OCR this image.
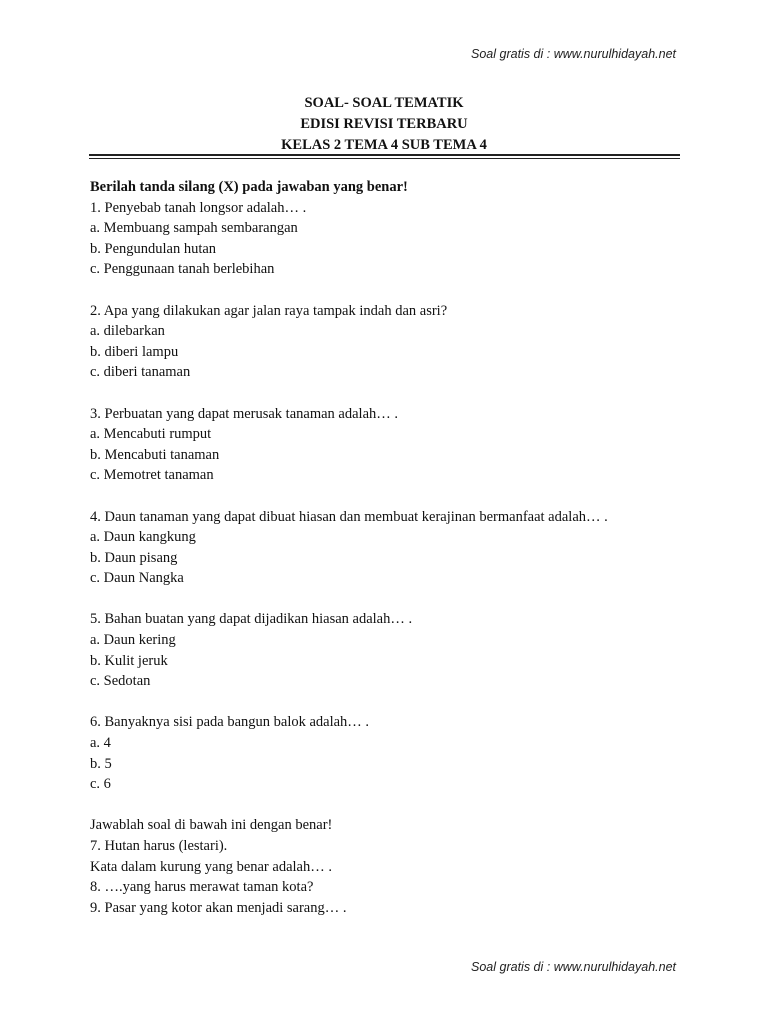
Soal gratis di : www.nurulhidayah.net
SOAL- SOAL TEMATIK
EDISI REVISI TERBARU
KELAS 2 TEMA 4 SUB TEMA 4
Berilah tanda silang (X) pada jawaban yang benar!
1. Penyebab tanah longsor adalah… .
a. Membuang sampah sembarangan
b. Pengundulan hutan
c. Penggunaan tanah berlebihan
2. Apa yang dilakukan agar jalan raya tampak indah dan asri?
a. dilebarkan
b. diberi lampu
c. diberi tanaman
3. Perbuatan yang dapat merusak tanaman adalah… .
a. Mencabuti rumput
b. Mencabuti tanaman
c. Memotret tanaman
4. Daun tanaman yang dapat dibuat hiasan dan membuat kerajinan bermanfaat adalah… .
a. Daun kangkung
b. Daun pisang
c. Daun Nangka
5. Bahan buatan yang dapat dijadikan hiasan adalah… .
a. Daun kering
b. Kulit jeruk
c. Sedotan
6. Banyaknya sisi pada bangun balok adalah… .
a. 4
b. 5
c. 6
Jawablah soal di bawah ini dengan benar!
7. Hutan harus (lestari).
Kata dalam kurung yang benar adalah… .
8. ….yang harus merawat taman kota?
9. Pasar yang kotor akan menjadi sarang… .
Soal gratis di : www.nurulhidayah.net
